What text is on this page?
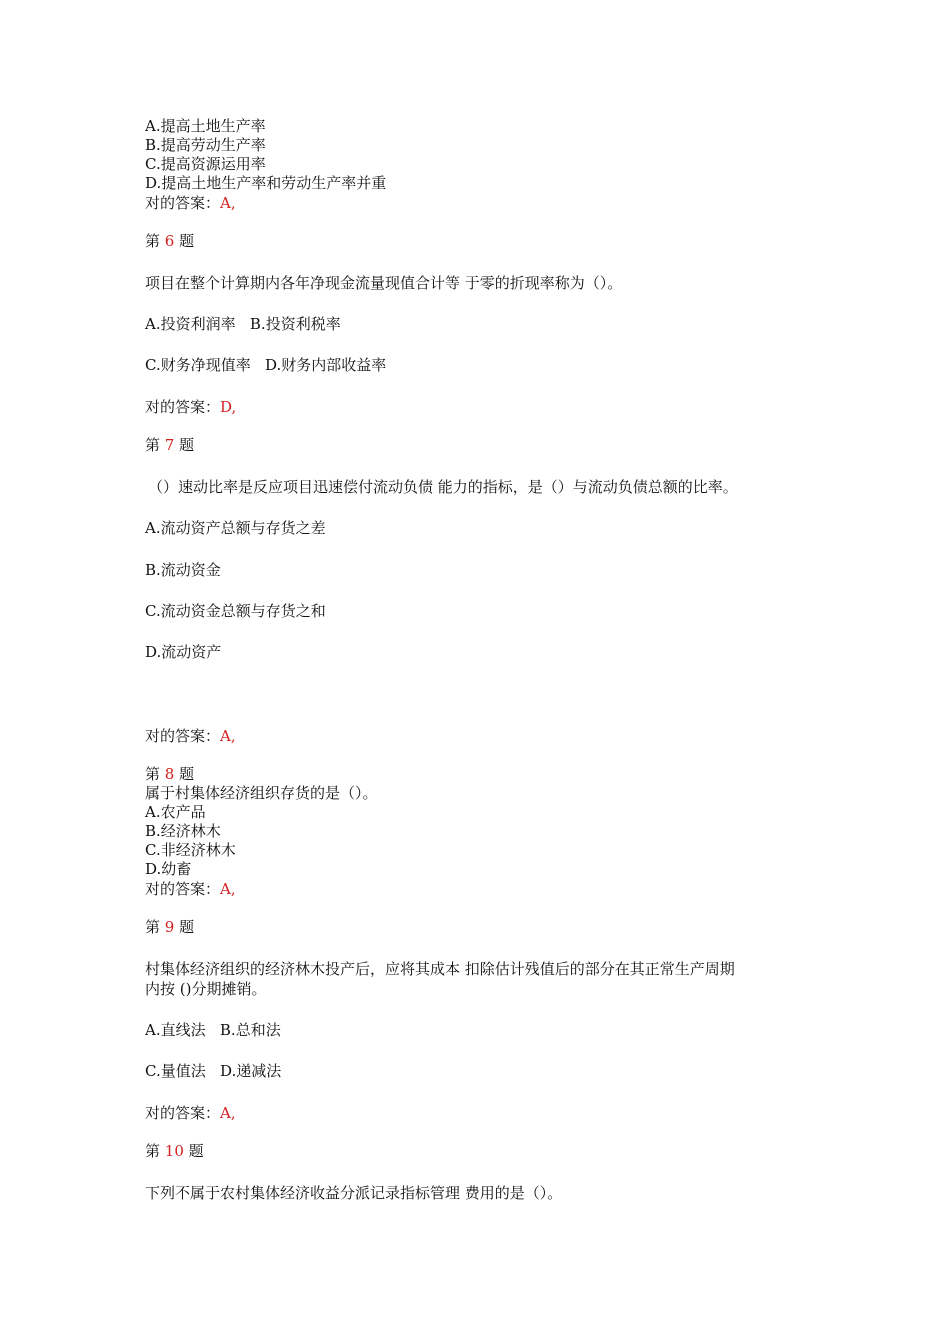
A.提高土地生产率
B.提高劳动生产率
C.提高资源运用率
D.提高土地生产率和劳动生产率并重
对的答案：A,
第 6 题
项目在整个计算期内各年净现金流量现值合计等 于零的折现率称为（）。
A.投资利润率   B.投资利税率
C.财务净现值率   D.财务内部收益率
对的答案：D,
第 7 题
（）速动比率是反应项目迅速偿付流动负债 能力的指标，是（）与流动负债总额的比率。
A.流动资产总额与存货之差
B.流动资金
C.流动资金总额与存货之和
D.流动资产
对的答案：A,
第 8 题
属于村集体经济组织存货的是（）。
A.农产品
B.经济林木
C.非经济林木
D.幼畜
对的答案：A,
第 9 题
村集体经济组织的经济林木投产后，应将其成本 扣除估计残值后的部分在其正常生产周期
内按 ()分期摊销。
A.直线法   B.总和法
C.量值法   D.递减法
对的答案：A,
第 10 题
下列不属于农村集体经济收益分派记录指标管理 费用的是（）。
